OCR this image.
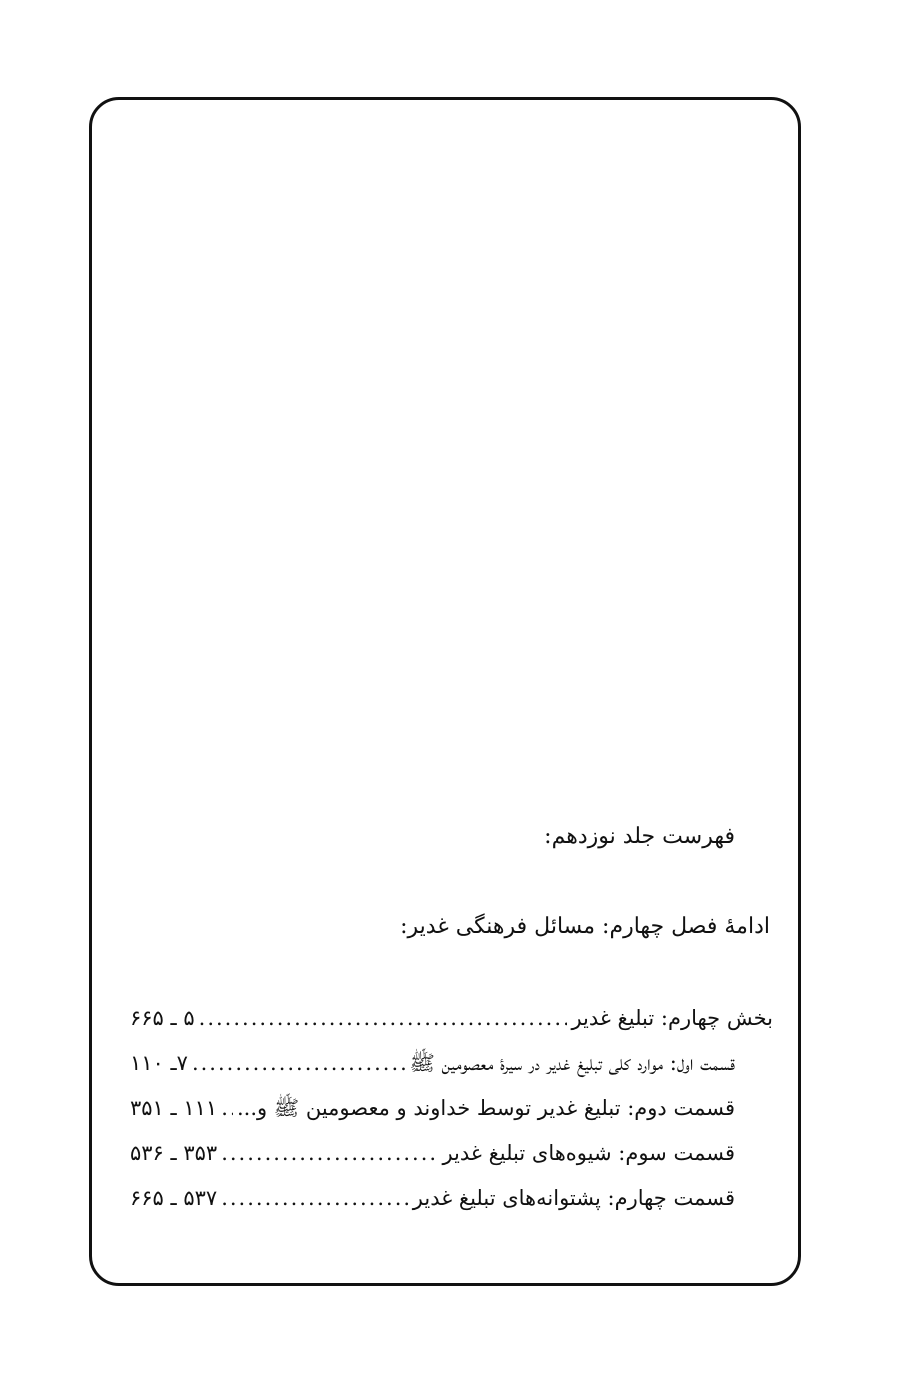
فهرست جلد نوزدهم:
ادامۀ فصل چهارم: مسائل فرهنگی غدیر:
بخش چهارم: تبلیغ غدیر
.....
۵ ـ ۶۶۵
قسمت اول: موارد کلی تبلیغ غدیر در سیرۀ معصومین ﷺ
.....
۷ـ ۱۱۰
قسمت دوم: تبلیغ غدیر توسط خداوند و معصومین ﷺ و...
.....
۱۱۱ ـ ۳۵۱
قسمت سوم: شیوه‌های تبلیغ غدیر
.....
۳۵۳ ـ ۵۳۶
قسمت چهارم: پشتوانه‌های تبلیغ غدیر
.....
۵۳۷ ـ ۶۶۵
